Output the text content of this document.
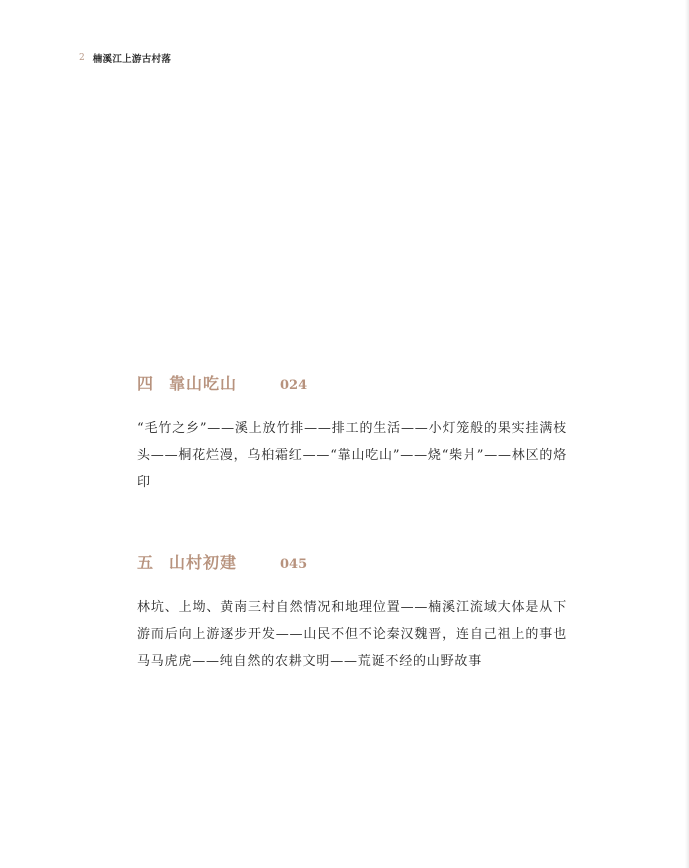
2 楠溪江上游古村落
四 靠山吃山	024
“毛竹之乡”——溪上放竹排——排工的生活——小灯笼般的果实挂满枝头——桐花烂漫，乌桕霜红——“靠山吃山”——烧“柴爿”——林区的烙印
五 山村初建	045
林坑、上坳、黄南三村自然情况和地理位置——楠溪江流域大体是从下游而后向上游逐步开发——山民不但不论秦汉魏晋，连自己祖上的事也马马虎虎——纯自然的农耕文明——荒诞不经的山野故事
